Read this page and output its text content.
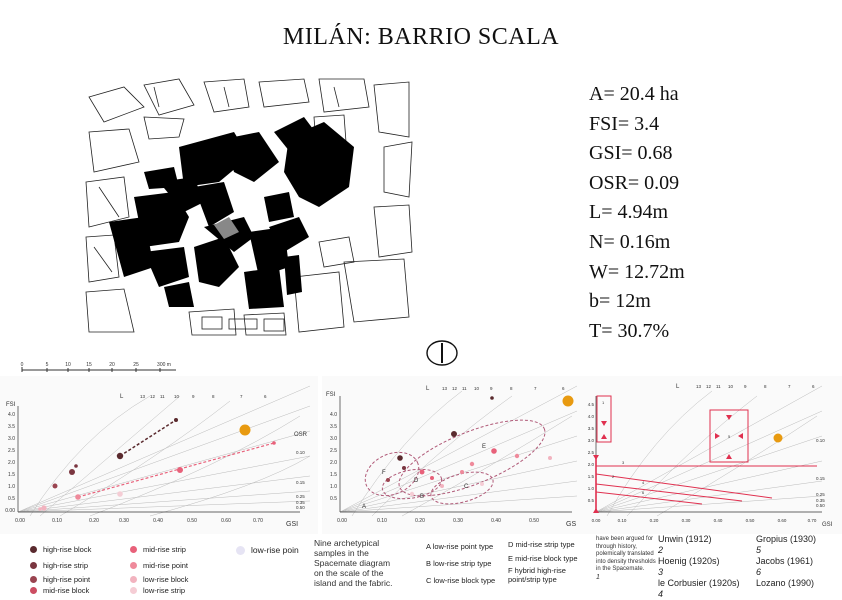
MILÁN: BARRIO SCALA
A= 20.4 ha
FSI= 3.4
GSI= 0.68
OSR= 0.09
L= 4.94m
N= 0.16m
W= 12.72m
b= 12m
T= 30.7%
0	5	10	15	20	25	300 m
4.0
3.5
3.0
2.5
2.0
1.5
1.0
0.5
0.00
0.00	0.10	0.20	0.30	0.40	0.50	0.60	0.70
FSI
GSI
L	13 12 11 10	9	8	7	6
OSR
0.10
0.15
0.25
0.35
0.50
4.0
3.5
3.0
2.5
2.0
1.5
1.0
0.5
0.00	0.10	0.20	0.30	0.40	0.50
FSI
GS
L	13 12 11 10 9	8	7	6
A
B
C
D
E
F
4.5
4.0
3.5
3.0
2.5
2.0
1.5
1.0
0.5
0.00	0.10	0.20	0.30	0.40	0.50	0.60	0.70
GSI
L	13 12 11 10 9	8	7	6
0.10
0.15
0.25
0.35
0.50
1
2
3
4
5
6
high-rise block
high-rise strip
high-rise point
mid-rise block
mid-rise strip
mid-rise point
low-rise block
low-rise strip
low-rise poin
Nine archetypical samples in the Spacemate diagram on the scale of the island and the fabric.
A low-rise point type
B low-rise strip type
C low-rise block type
D mid-rise strip type
E mid-rise block type
F hybrid high-rise point/strip type
have been argued for through history, polemically translated into density thresholds in the Spacemate.
1
Unwin (1912)
2
Hoenig (1920s)
3
le Corbusier (1920s)
4
Gropius (1930)
5
Jacobs (1961)
6
Lozano (1990)
